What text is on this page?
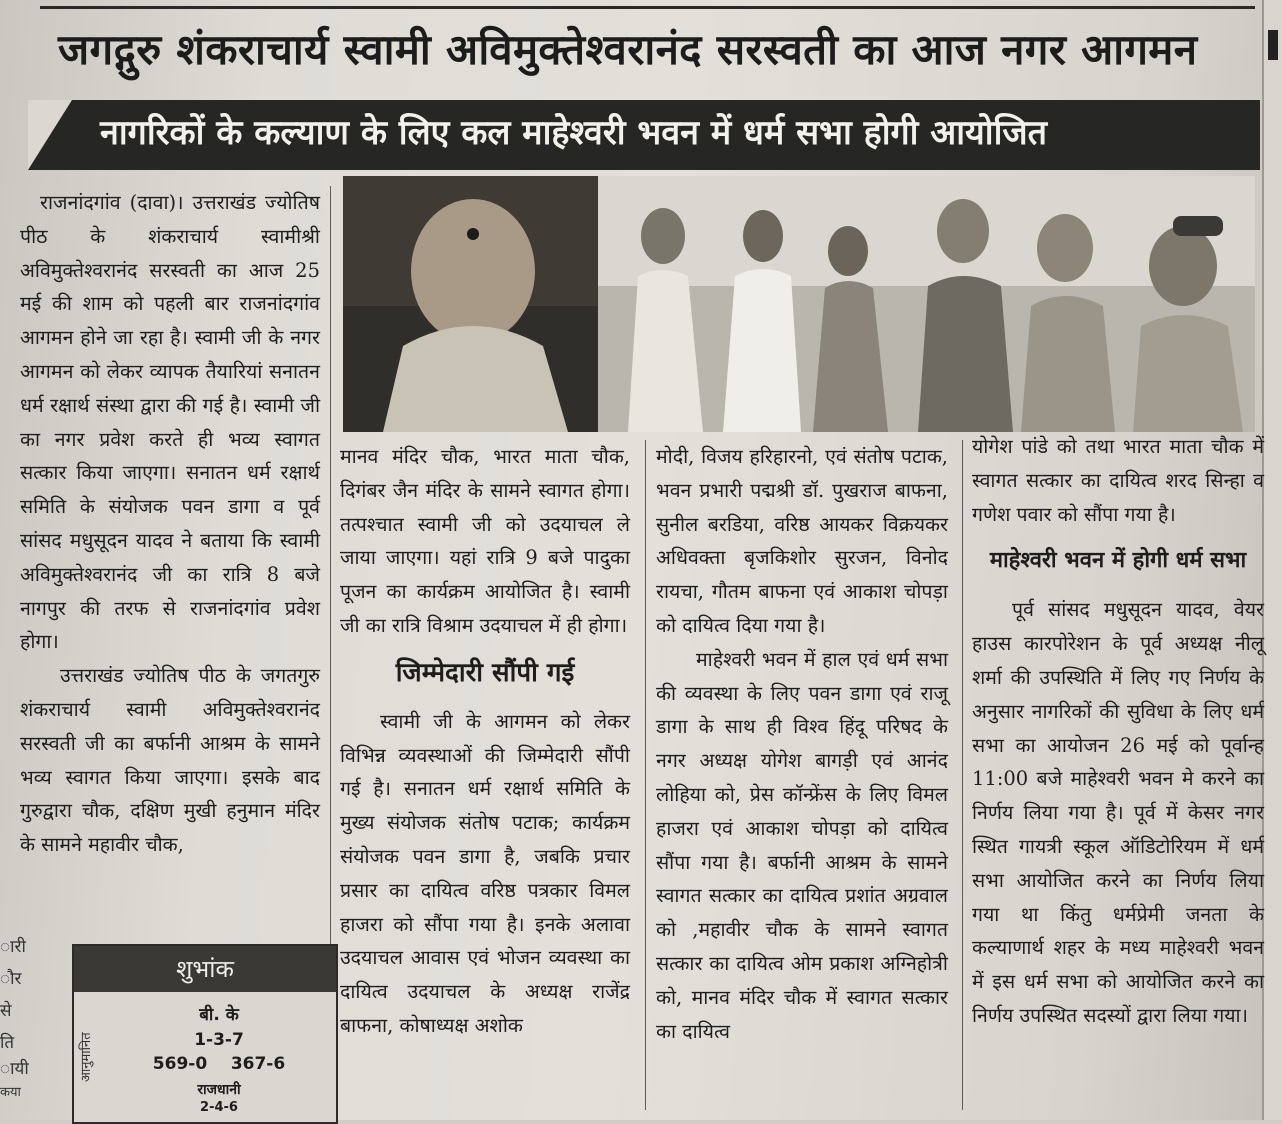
जगद्गुरु शंकराचार्य स्वामी अविमुक्तेश्वरानंद सरस्वती का आज नगर आगमन
नागरिकों के कल्याण के लिए कल माहेश्वरी भवन में धर्म सभा होगी आयोजित

राजनांदगांव (दावा)। उत्तराखंड ज्योतिष पीठ के शंकराचार्य स्वामीश्री अविमुक्तेश्वरानंद सरस्वती का आज 25 मई की शाम को पहली बार राजनांदगांव आगमन होने जा रहा है। स्वामी जी के नगर आगमन को लेकर व्यापक तैयारियां सनातन धर्म रक्षार्थ संस्था द्वारा की गई है। स्वामी जी का नगर प्रवेश करते ही भव्य स्वागत सत्कार किया जाएगा। सनातन धर्म रक्षार्थ समिति के संयोजक पवन डागा व पूर्व सांसद मधुसूदन यादव ने बताया कि स्वामी अविमुक्तेश्वरानंद जी का रात्रि 8 बजे नागपुर की तरफ से राजनांदगांव प्रवेश होगा।

उत्तराखंड ज्योतिष पीठ के जगतगुरु शंकराचार्य स्वामी अविमुक्तेश्वरानंद सरस्वती जी का बर्फानी आश्रम के सामने भव्य स्वागत किया जाएगा। इसके बाद गुरुद्वारा चौक, दक्षिण मुखी हनुमान मंदिर के सामने महावीर चौक,

मानव मंदिर चौक, भारत माता चौक, दिगंबर जैन मंदिर के सामने स्वागत होगा। तत्पश्चात स्वामी जी को उदयाचल ले जाया जाएगा। यहां रात्रि 9 बजे पादुका पूजन का कार्यक्रम आयोजित है। स्वामी जी का रात्रि विश्राम उदयाचल में ही होगा।

जिम्मेदारी सौंपी गई

स्वामी जी के आगमन को लेकर विभिन्न व्यवस्थाओं की जिम्मेदारी सौंपी गई है। सनातन धर्म रक्षार्थ समिति के मुख्य संयोजक संतोष पटाक; कार्यक्रम संयोजक पवन डागा है, जबकि प्रचार प्रसार का दायित्व वरिष्ठ पत्रकार विमल हाजरा को सौंपा गया है। इनके अलावा उदयाचल आवास एवं भोजन व्यवस्था का दायित्व उदयाचल के अध्यक्ष राजेंद्र बाफना, कोषाध्यक्ष अशोक

मोदी, विजय हरिहारनो, एवं संतोष पटाक, भवन प्रभारी पद्मश्री डॉ. पुखराज बाफना, सुनील बरडिया, वरिष्ठ आयकर विक्रयकर अधिवक्ता बृजकिशोर सुरजन, विनोद रायचा, गौतम बाफना एवं आकाश चोपड़ा को दायित्व दिया गया है।

माहेश्वरी भवन में हाल एवं धर्म सभा की व्यवस्था के लिए पवन डागा एवं राजू डागा के साथ ही विश्व हिंदू परिषद के नगर अध्यक्ष योगेश बागड़ी एवं आनंद लोहिया को, प्रेस कॉन्फ्रेंस के लिए विमल हाजरा एवं आकाश चोपड़ा को दायित्व सौंपा गया है। बर्फानी आश्रम के सामने स्वागत सत्कार का दायित्व प्रशांत अग्रवाल को ,महावीर चौक के सामने स्वागत सत्कार का दायित्व ओम प्रकाश अग्निहोत्री को, मानव मंदिर चौक में स्वागत सत्कार का दायित्व

योगेश पांडे को तथा भारत माता चौक में स्वागत सत्कार का दायित्व शरद सिन्हा व गणेश पवार को सौंपा गया है।

माहेश्वरी भवन में होगी धर्म सभा

पूर्व सांसद मधुसूदन यादव, वेयर हाउस कारपोरेशन के पूर्व अध्यक्ष नीलू शर्मा की उपस्थिति में लिए गए निर्णय के अनुसार नागरिकों की सुविधा के लिए धर्म सभा का आयोजन 26 मई को पूर्वान्ह 11:00 बजे माहेश्वरी भवन मे करने का निर्णय लिया गया है। पूर्व में केसर नगर स्थित गायत्री स्कूल ऑडिटोरियम में धर्म सभा आयोजित करने का निर्णय लिया गया था किंतु धर्मप्रेमी जनता के कल्याणार्थ शहर के मध्य माहेश्वरी भवन में इस धर्म सभा को आयोजित करने का निर्णय उपस्थित सदस्यों द्वारा लिया गया।

शुभांक
आनुमानित
बी. के
1-3-7
569-0    367-6
राजधानी
2-4-6
ारी
ौर
से
ति
ायी
कया
